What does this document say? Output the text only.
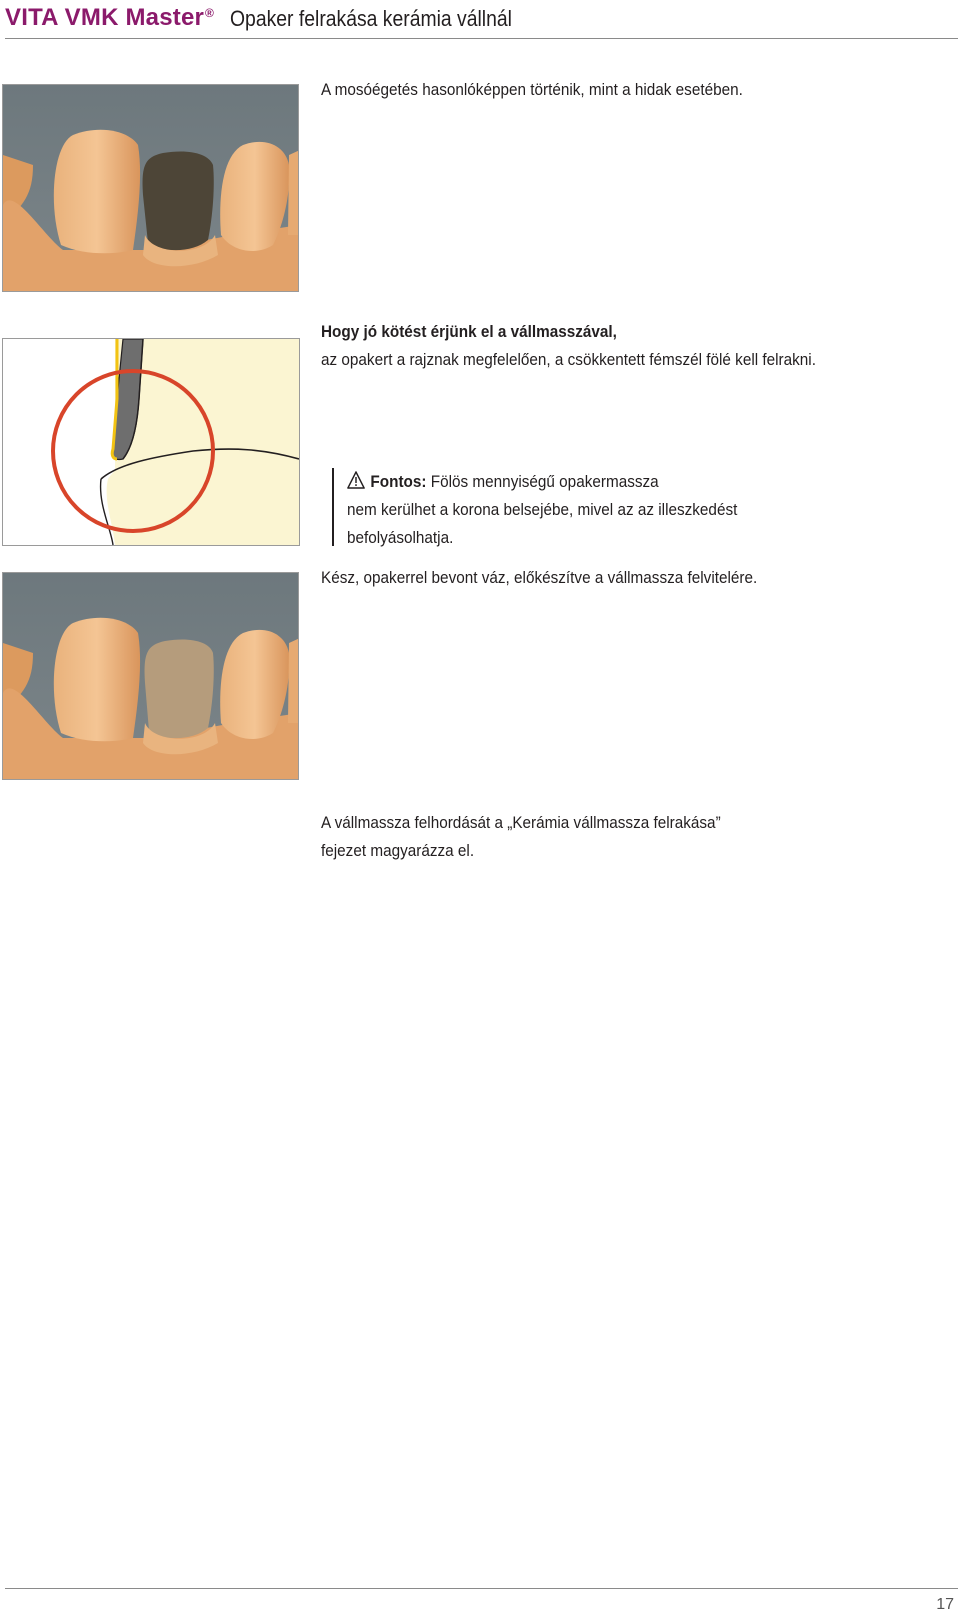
VITA VMK Master® Opaker felrakása kerámia vállnál
A mosóégetés hasonlóképpen történik, mint a hidak esetében.
Hogy jó kötést érjünk el a vállmasszával,
az opakert a rajznak megfelelően, a csökkentett fémszél fölé kell felrakni.
Fontos: Fölös mennyiségű opakermassza
nem kerülhet a korona belsejébe, mivel az az illeszkedést
befolyásolhatja.
Kész, opakerrel bevont váz, előkészítve a vállmassza felvitelére.
A vállmassza felhordását a „Kerámia vállmassza felrakása”
fejezet magyarázza el.
17
